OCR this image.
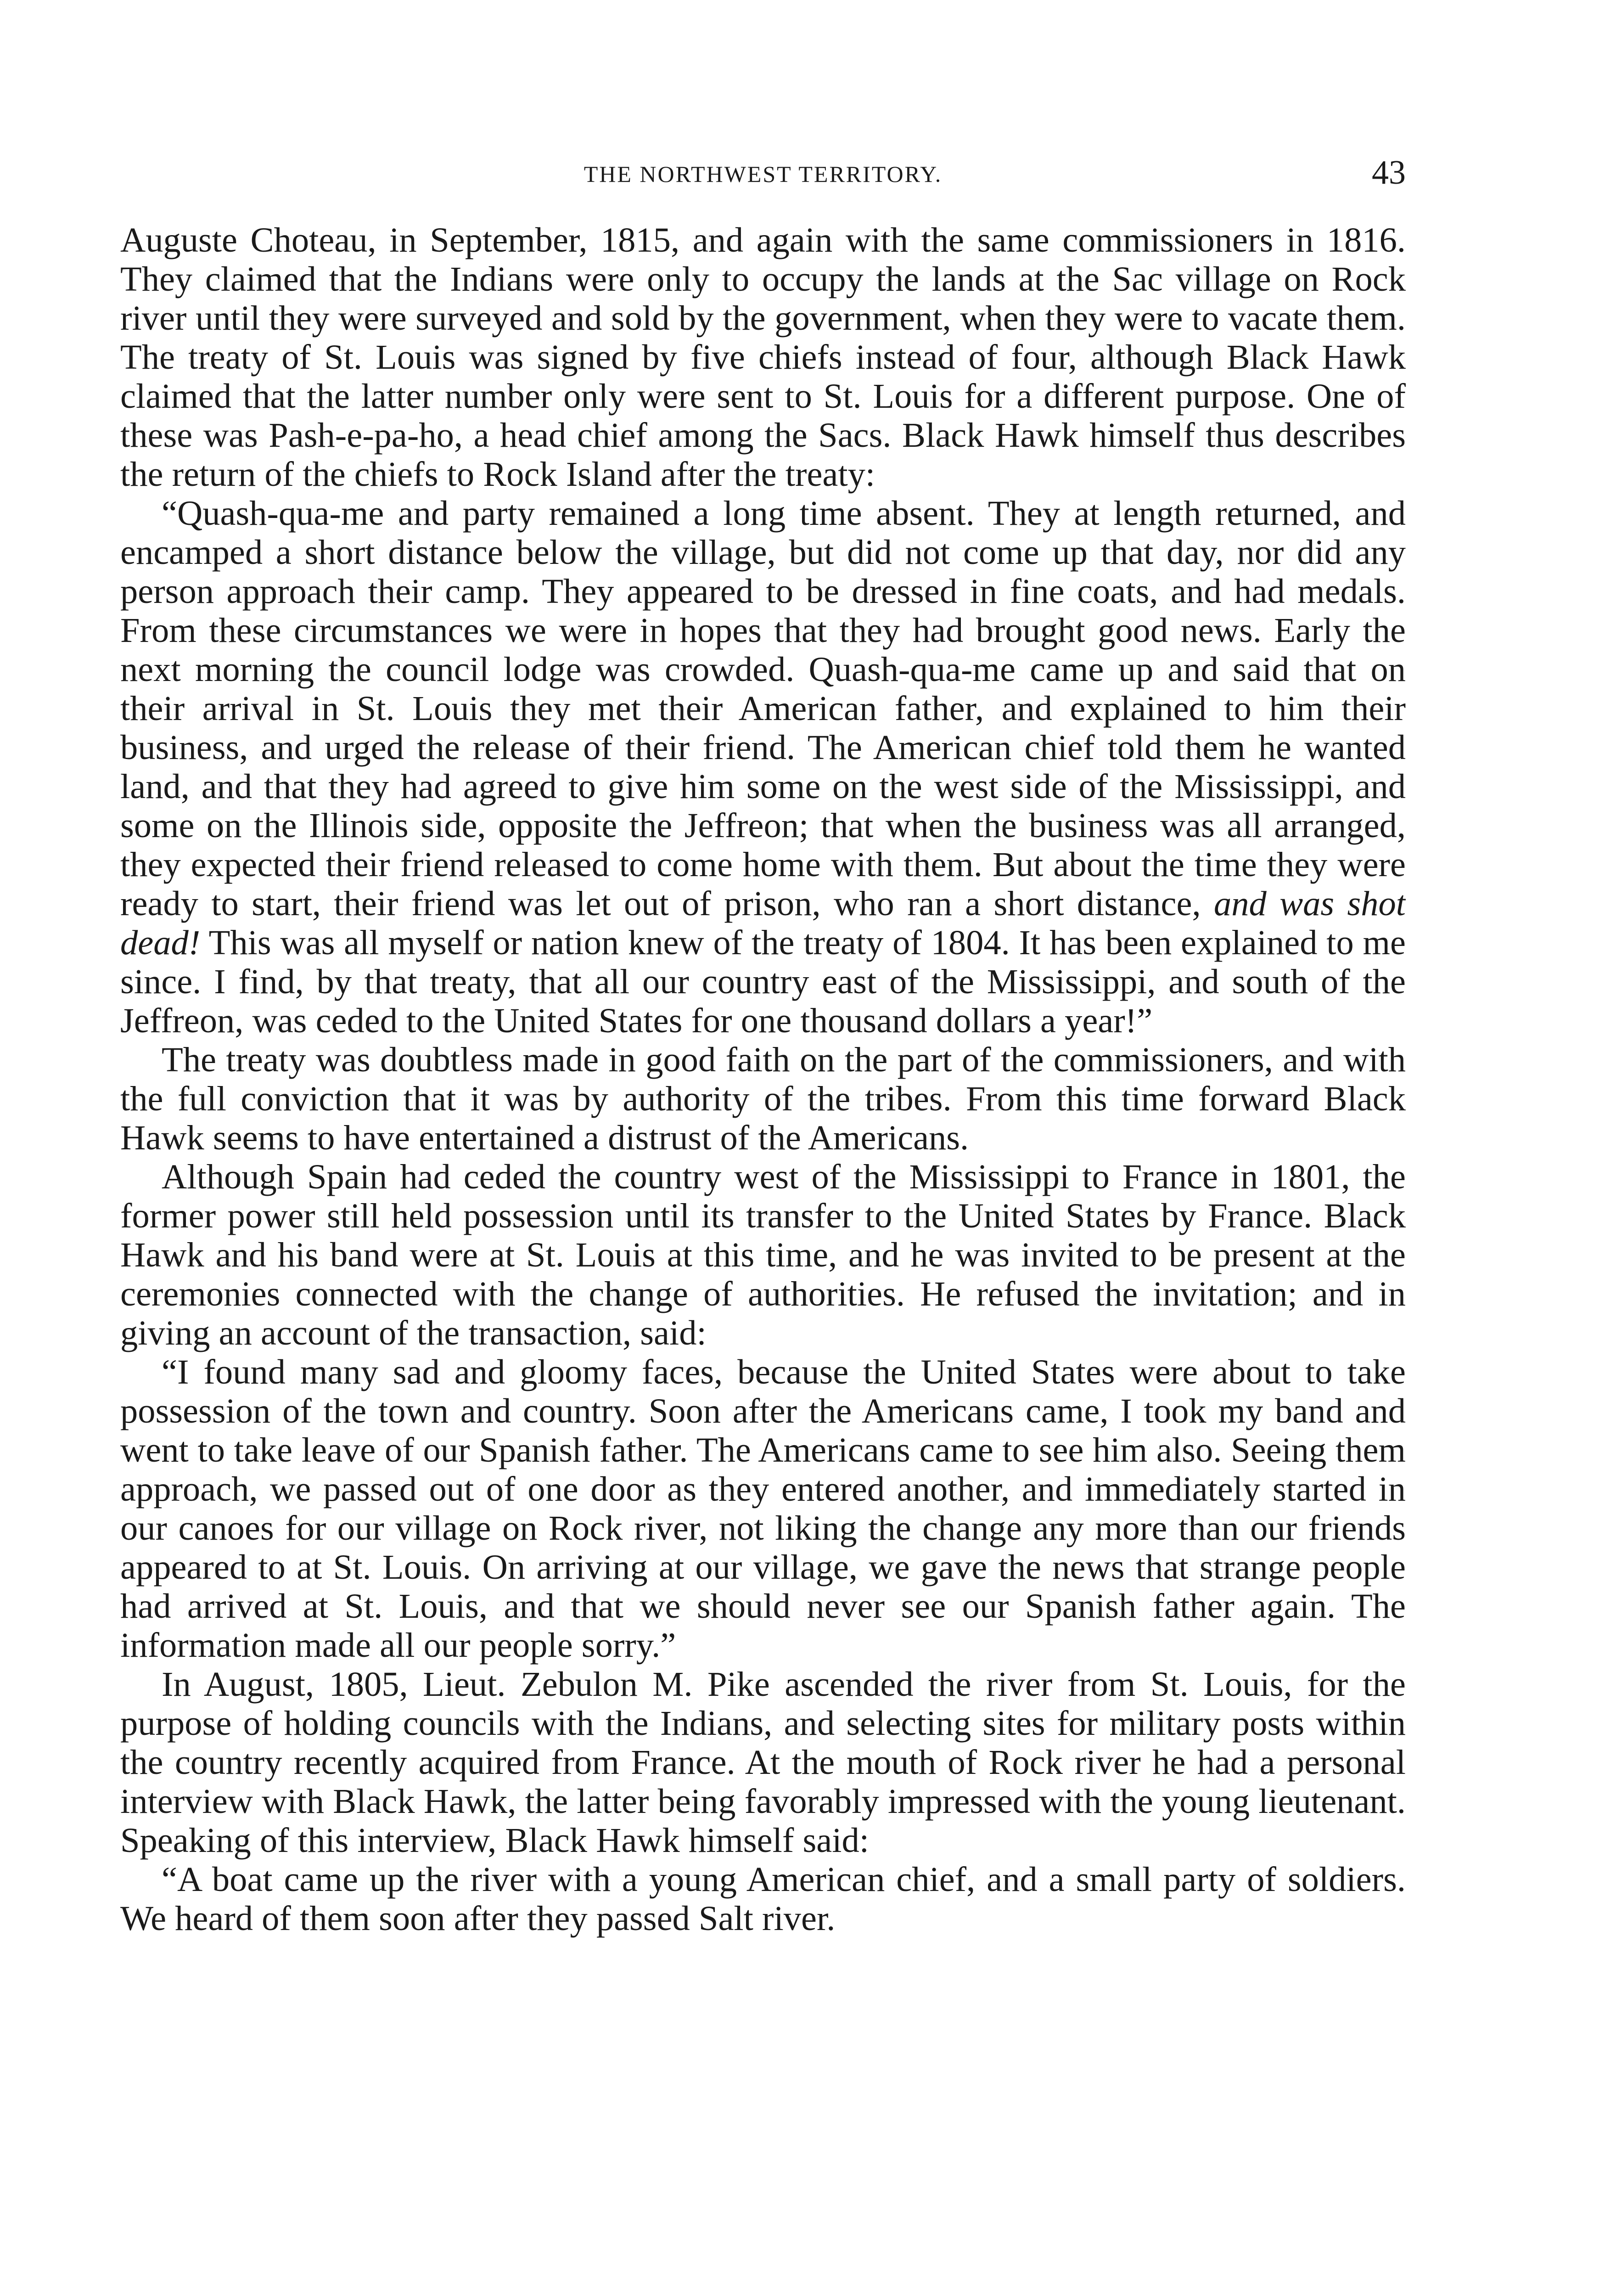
THE NORTHWEST TERRITORY.	43

Auguste Choteau, in September, 1815, and again with the same commissioners in 1816. They claimed that the Indians were only to occupy the lands at the Sac village on Rock river until they were surveyed and sold by the government, when they were to vacate them. The treaty of St. Louis was signed by five chiefs instead of four, although Black Hawk claimed that the latter number only were sent to St. Louis for a different purpose. One of these was Pash-e-pa-ho, a head chief among the Sacs. Black Hawk himself thus describes the return of the chiefs to Rock Island after the treaty:

“Quash-qua-me and party remained a long time absent. They at length returned, and encamped a short distance below the village, but did not come up that day, nor did any person approach their camp. They appeared to be dressed in fine coats, and had medals. From these circumstances we were in hopes that they had brought good news. Early the next morning the council lodge was crowded. Quash-qua-me came up and said that on their arrival in St. Louis they met their American father, and explained to him their business, and urged the release of their friend. The American chief told them he wanted land, and that they had agreed to give him some on the west side of the Mississippi, and some on the Illinois side, opposite the Jeffreon; that when the business was all arranged, they expected their friend released to come home with them. But about the time they were ready to start, their friend was let out of prison, who ran a short distance, and was shot dead! This was all myself or nation knew of the treaty of 1804. It has been explained to me since. I find, by that treaty, that all our country east of the Mississippi, and south of the Jeffreon, was ceded to the United States for one thousand dollars a year!”

The treaty was doubtless made in good faith on the part of the commissioners, and with the full conviction that it was by authority of the tribes. From this time forward Black Hawk seems to have entertained a distrust of the Americans.

Although Spain had ceded the country west of the Mississippi to France in 1801, the former power still held possession until its transfer to the United States by France. Black Hawk and his band were at St. Louis at this time, and he was invited to be present at the ceremonies connected with the change of authorities. He refused the invitation; and in giving an account of the transaction, said:

“I found many sad and gloomy faces, because the United States were about to take possession of the town and country. Soon after the Americans came, I took my band and went to take leave of our Spanish father. The Americans came to see him also. Seeing them approach, we passed out of one door as they entered another, and immediately started in our canoes for our village on Rock river, not liking the change any more than our friends appeared to at St. Louis. On arriving at our village, we gave the news that strange people had arrived at St. Louis, and that we should never see our Spanish father again. The information made all our people sorry.”

In August, 1805, Lieut. Zebulon M. Pike ascended the river from St. Louis, for the purpose of holding councils with the Indians, and selecting sites for military posts within the country recently acquired from France. At the mouth of Rock river he had a personal interview with Black Hawk, the latter being favorably impressed with the young lieutenant. Speaking of this interview, Black Hawk himself said:

“A boat came up the river with a young American chief, and a small party of soldiers. We heard of them soon after they passed Salt river.
